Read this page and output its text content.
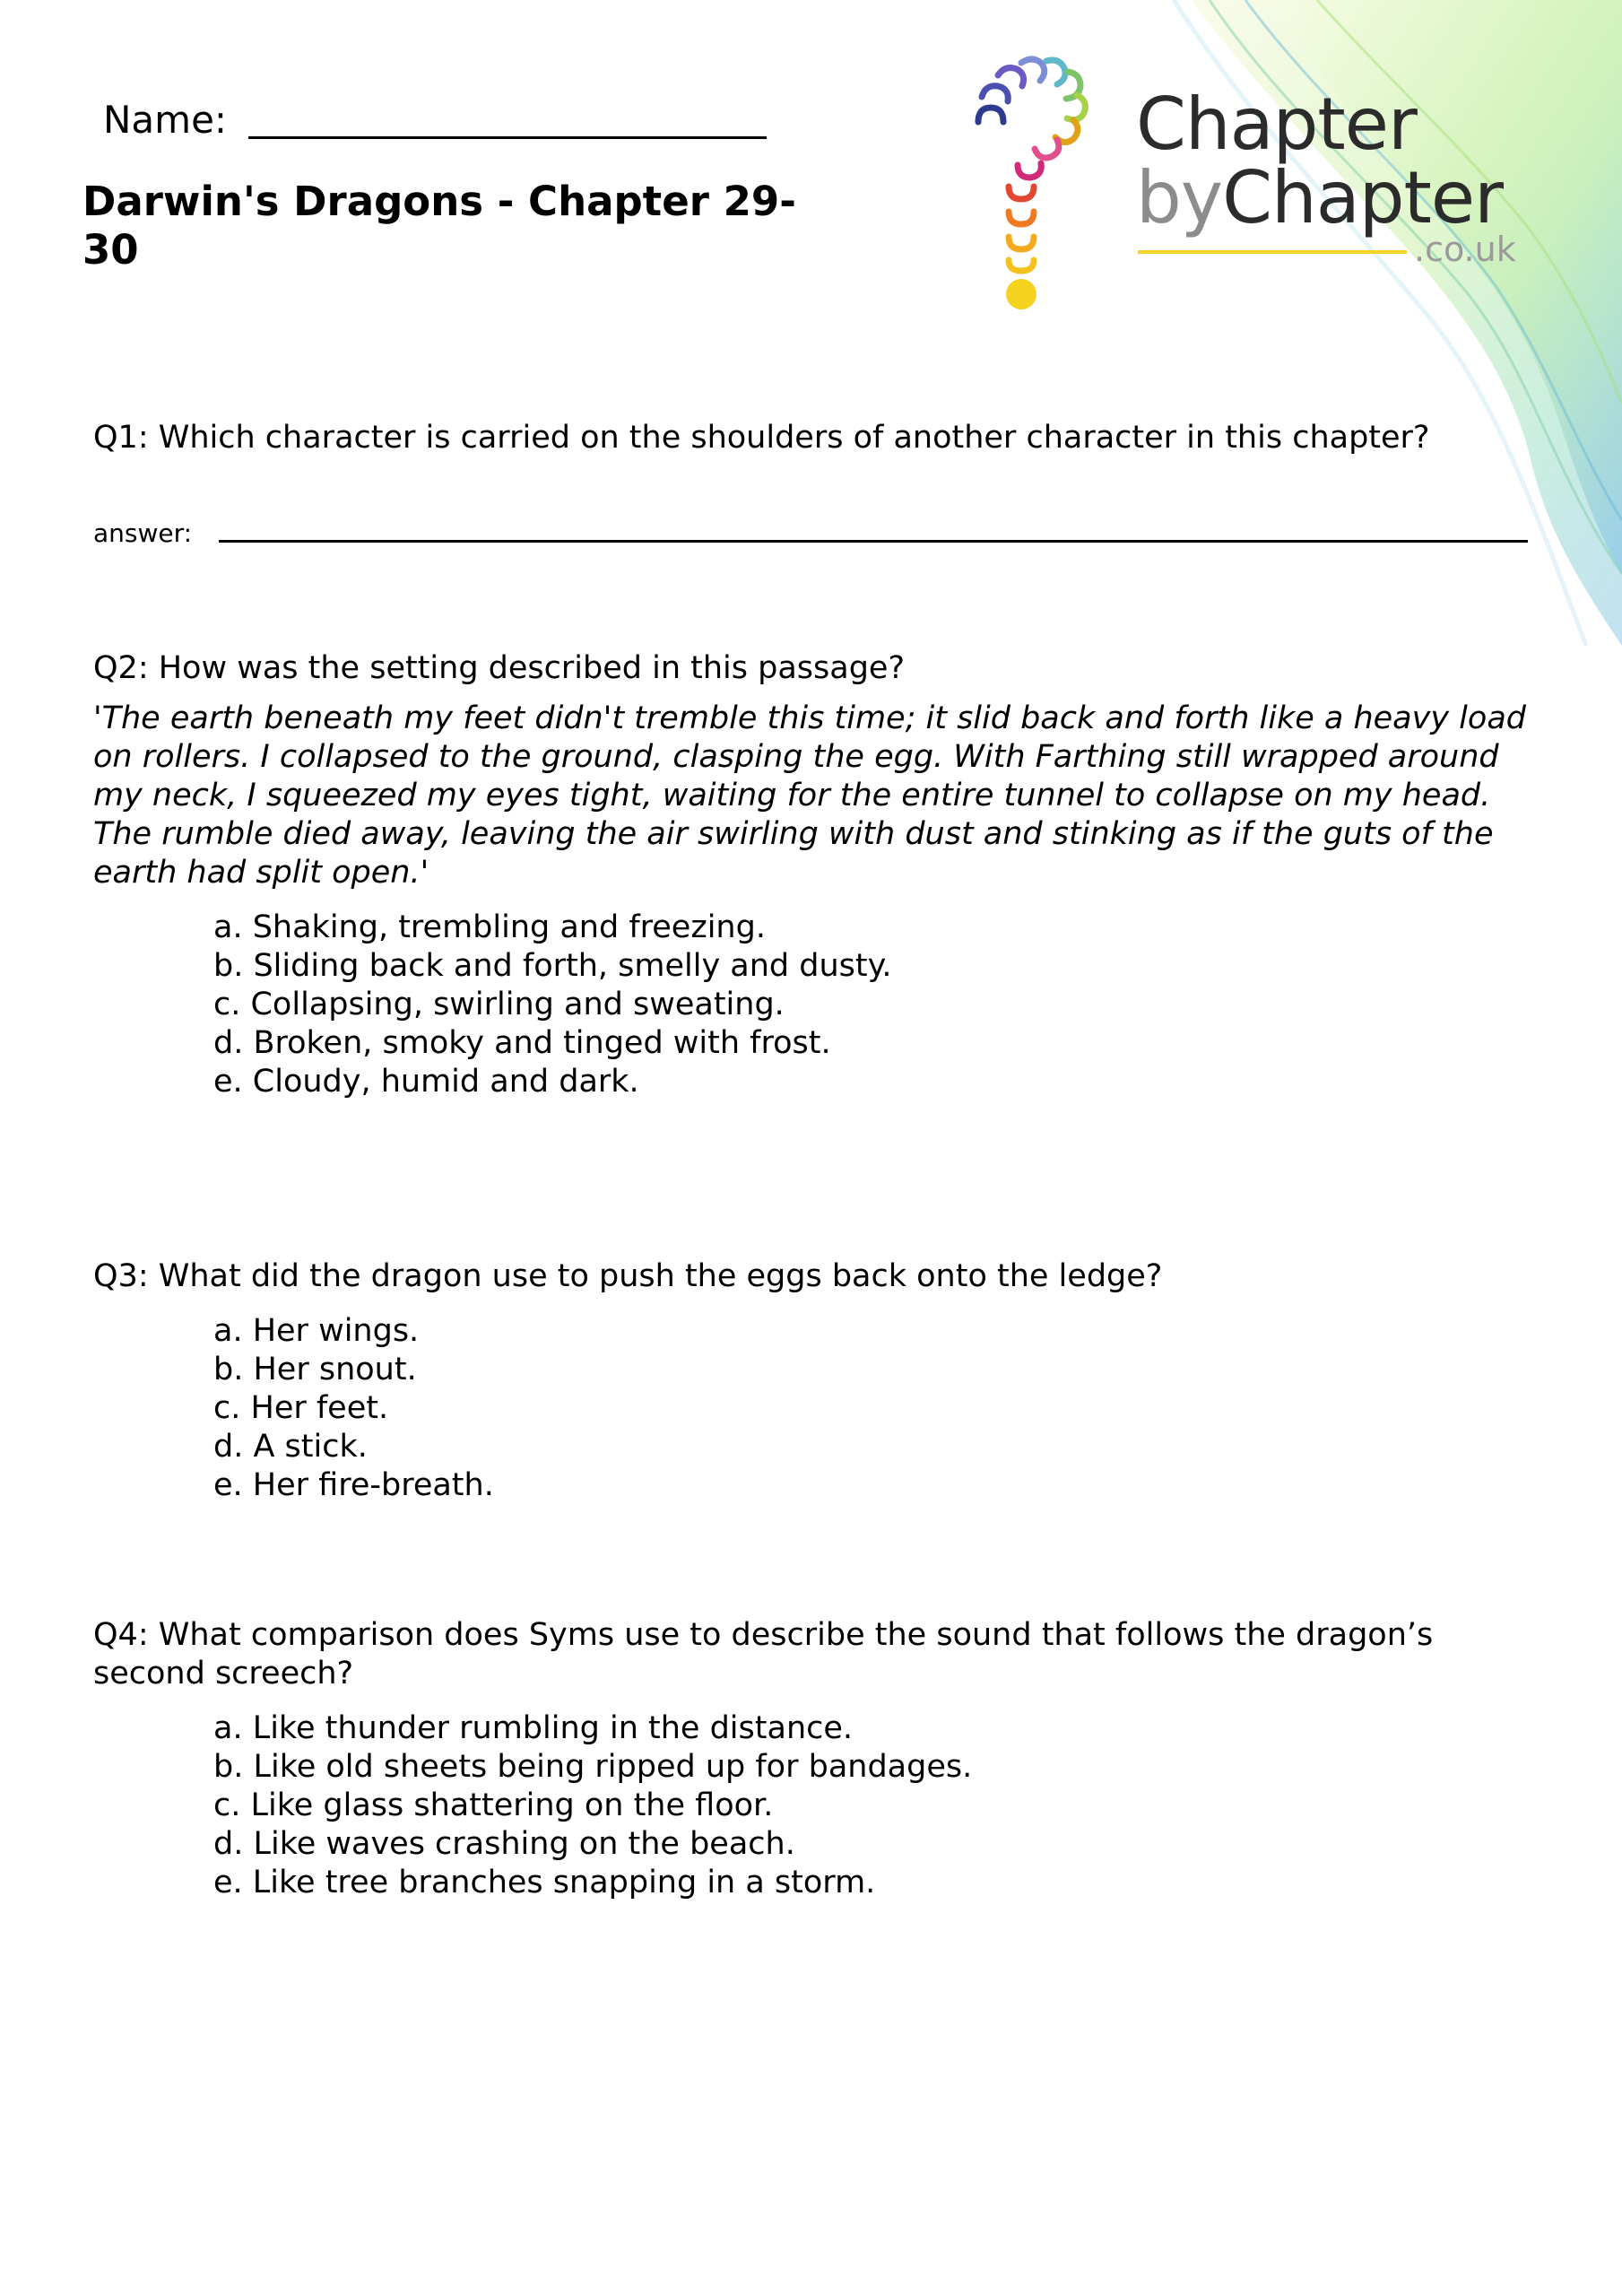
Name:
Darwin's Dragons - Chapter 29-30
Chapter
byChapter
.co.uk

Q1: Which character is carried on the shoulders of another character in this chapter?

answer:

Q2: How was the setting described in this passage?

'The earth beneath my feet didn't tremble this time; it slid back and forth like a heavy load on rollers. I collapsed to the ground, clasping the egg. With Farthing still wrapped around my neck, I squeezed my eyes tight, waiting for the entire tunnel to collapse on my head.
The rumble died away, leaving the air swirling with dust and stinking as if the guts of the earth had split open.'

a. Shaking, trembling and freezing.
b. Sliding back and forth, smelly and dusty.
c. Collapsing, swirling and sweating.
d. Broken, smoky and tinged with frost.
e. Cloudy, humid and dark.

Q3: What did the dragon use to push the eggs back onto the ledge?

a. Her wings.
b. Her snout.
c. Her feet.
d. A stick.
e. Her fire-breath.

Q4: What comparison does Syms use to describe the sound that follows the dragon’s second screech?

a. Like thunder rumbling in the distance.
b. Like old sheets being ripped up for bandages.
c. Like glass shattering on the floor.
d. Like waves crashing on the beach.
e. Like tree branches snapping in a storm.
